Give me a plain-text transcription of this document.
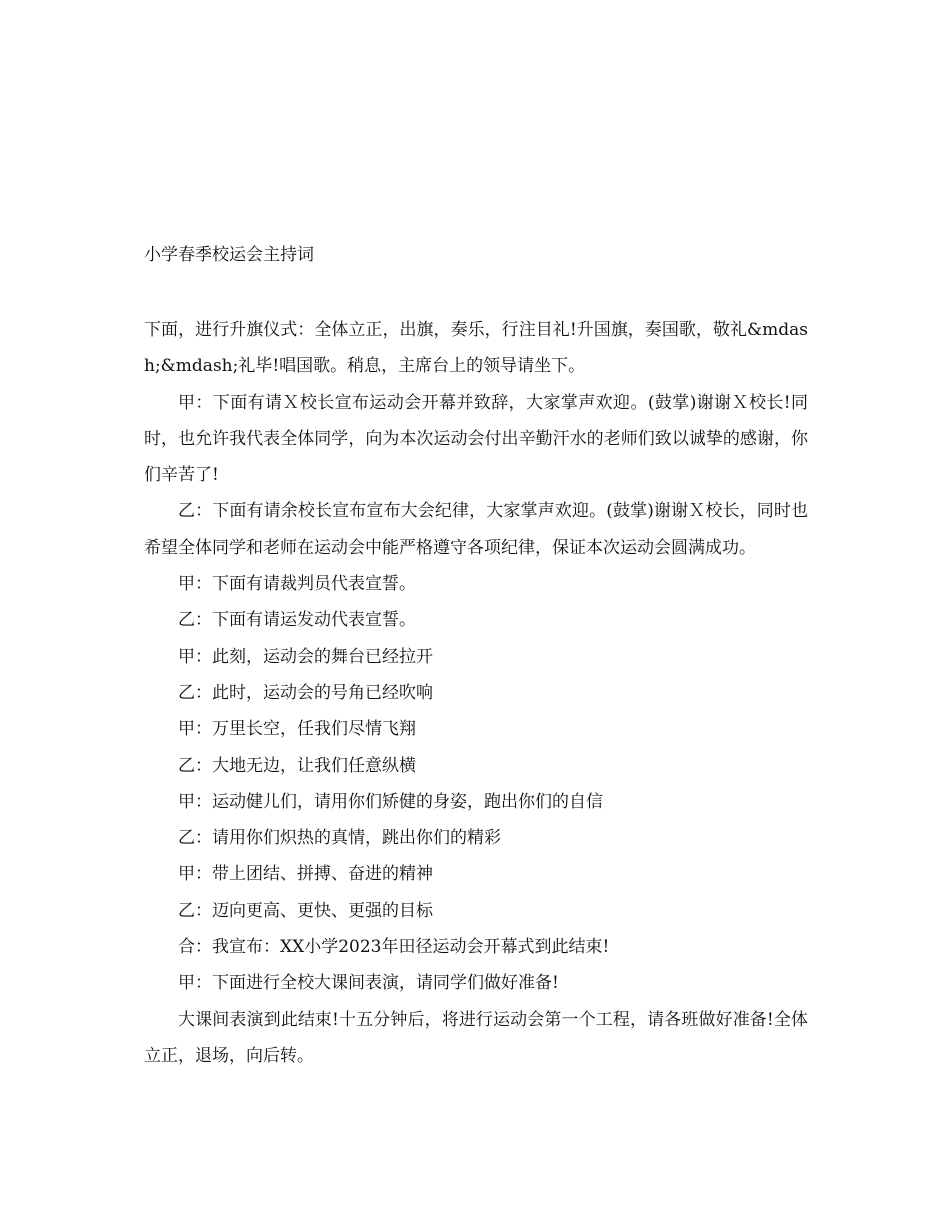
小学春季校运会主持词

下面，进行升旗仪式：全体立正，出旗，奏乐，行注目礼!升国旗，奏国歌，敬礼&mdash;&mdash;礼毕!唱国歌。稍息，主席台上的领导请坐下。

甲：下面有请Ｘ校长宣布运动会开幕并致辞，大家掌声欢迎。(鼓掌)谢谢Ｘ校长!同时，也允许我代表全体同学，向为本次运动会付出辛勤汗水的老师们致以诚挚的感谢，你们辛苦了!

乙：下面有请余校长宣布宣布大会纪律，大家掌声欢迎。(鼓掌)谢谢Ｘ校长，同时也希望全体同学和老师在运动会中能严格遵守各项纪律，保证本次运动会圆满成功。

甲：下面有请裁判员代表宣誓。

乙：下面有请运发动代表宣誓。

甲：此刻，运动会的舞台已经拉开

乙：此时，运动会的号角已经吹响

甲：万里长空，任我们尽情飞翔

乙：大地无边，让我们任意纵横

甲：运动健儿们，请用你们矫健的身姿，跑出你们的自信

乙：请用你们炽热的真情，跳出你们的精彩

甲：带上团结、拼搏、奋进的精神

乙：迈向更高、更快、更强的目标

合：我宣布：XX小学2023年田径运动会开幕式到此结束!

甲：下面进行全校大课间表演，请同学们做好准备!

大课间表演到此结束!十五分钟后，将进行运动会第一个工程，请各班做好准备!全体立正，退场，向后转。
